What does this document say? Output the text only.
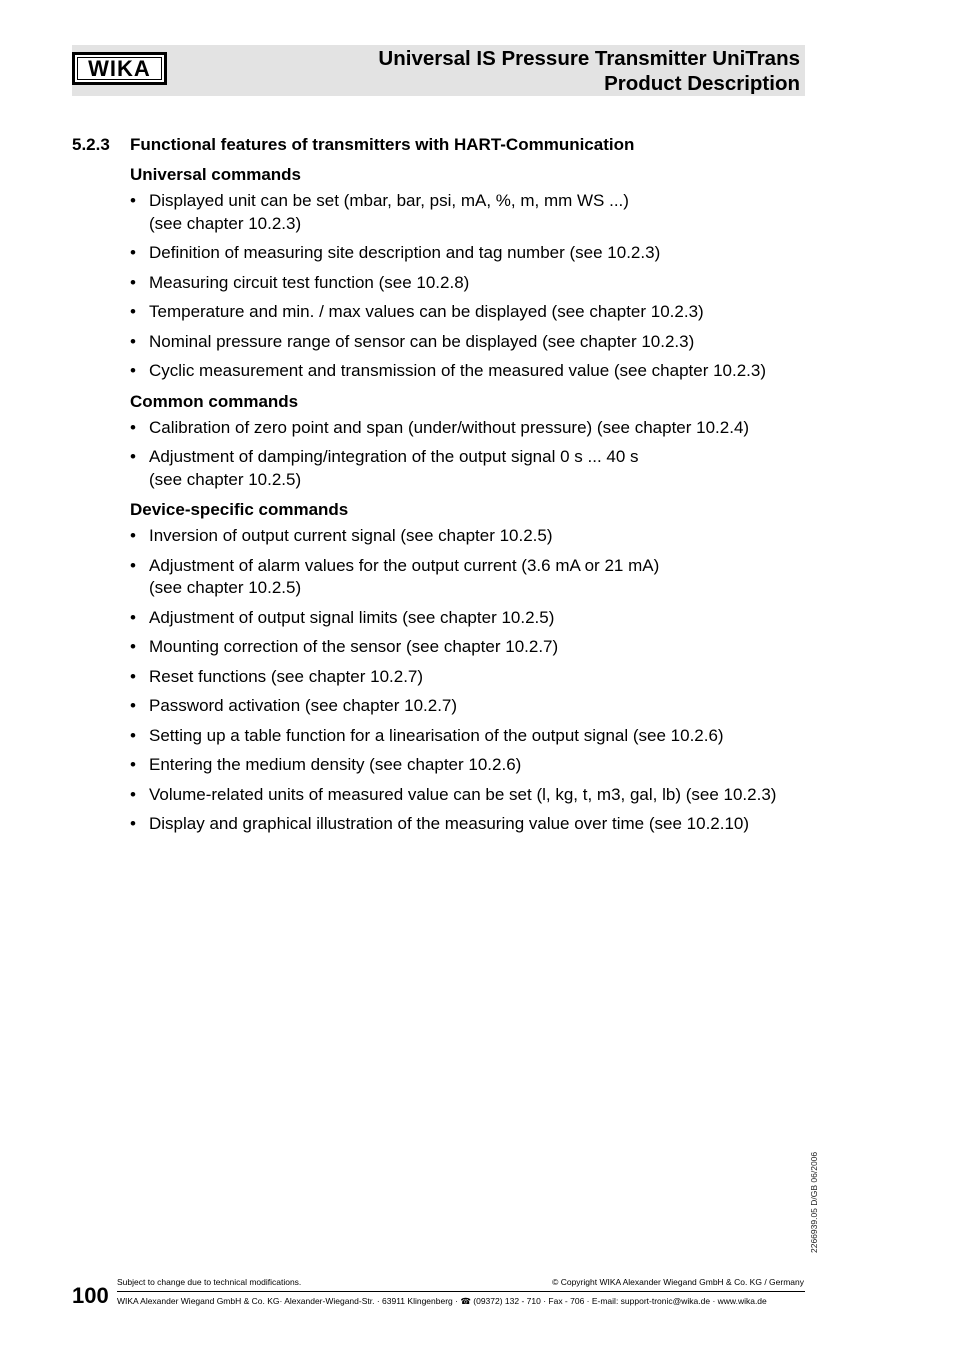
WIKA	Universal IS Pressure Transmitter UniTrans
Product Description
5.2.3	Functional features of transmitters with HART-Communication
Universal commands
• Displayed unit can be set (mbar, bar, psi, mA, %, m, mm WS ...)
(see chapter 10.2.3)
• Definition of measuring site description and tag number (see 10.2.3)
• Measuring circuit test function (see 10.2.8)
• Temperature and min. / max values can be displayed (see chapter 10.2.3)
• Nominal pressure range of sensor can be displayed (see chapter 10.2.3)
• Cyclic measurement and transmission of the measured value (see chapter 10.2.3)
Common commands
• Calibration of zero point and span (under/without pressure) (see chapter 10.2.4)
• Adjustment of damping/integration of the output signal 0 s ... 40 s
(see chapter 10.2.5)
Device-specific commands
• Inversion of output current signal (see chapter 10.2.5)
• Adjustment of alarm values for the output current (3.6 mA or 21 mA)
(see chapter 10.2.5)
• Adjustment of output signal limits (see chapter 10.2.5)
• Mounting correction of the sensor (see chapter 10.2.7)
• Reset functions (see chapter 10.2.7)
• Password activation (see chapter 10.2.7)
• Setting up a table function for a linearisation of the output signal (see 10.2.6)
• Entering the medium density (see chapter 10.2.6)
• Volume-related units of measured value can be set (l, kg, t, m3, gal, lb) (see 10.2.3)
• Display and graphical illustration of the measuring value over time (see 10.2.10)
2266939.05 D/GB 06/2006
Subject to change due to technical modifications.	© Copyright WIKA Alexander Wiegand GmbH & Co. KG / Germany
100 WIKA Alexander Wiegand GmbH & Co. KG· Alexander-Wiegand-Str. · 63911 Klingenberg · ☎ (09372) 132 - 710 · Fax - 706 · E-mail: support-tronic@wika.de · www.wika.de
